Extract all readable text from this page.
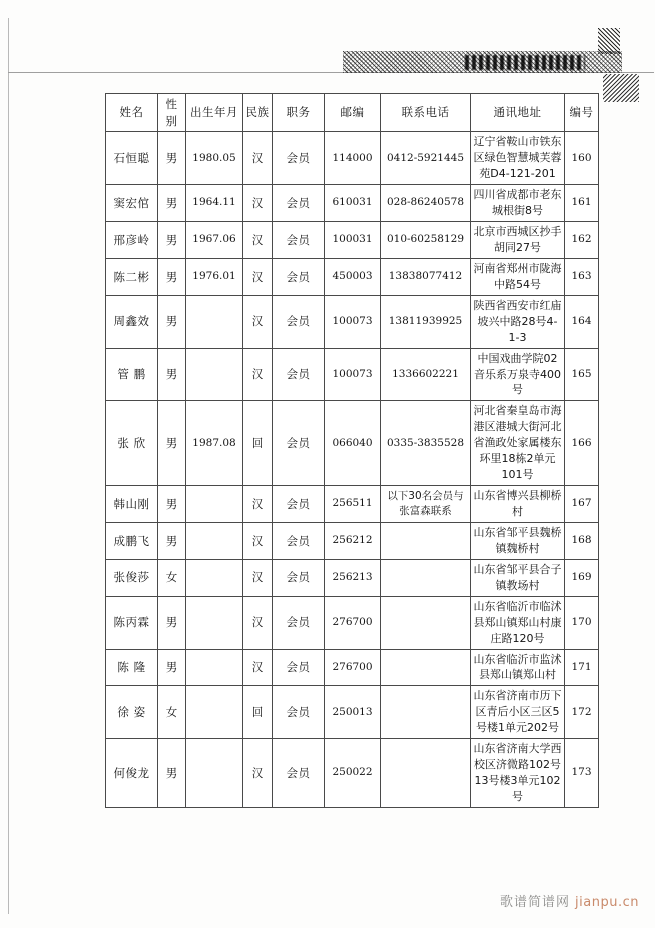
姓名	性别	出生年月	民族	职务	邮编	联系电话	通讯地址	编号
石恒聪	男	1980.05	汉	会员	114000	0412-5921445	辽宁省鞍山市铁东区绿色智慧城芙蓉苑D4-121-201	160
窦宏倌	男	1964.11	汉	会员	610031	028-86240578	四川省成都市老东城根街8号	161
邢彦岭	男	1967.06	汉	会员	100031	010-60258129	北京市西城区抄手胡同27号	162
陈二彬	男	1976.01	汉	会员	450003	13838077412	河南省郑州市陇海中路54号	163
周鑫效	男		汉	会员	100073	13811939925	陕西省西安市红庙坡兴中路28号4-1-3	164
管 鹏	男		汉	会员	100073	1336602221	中国戏曲学院02音乐系万泉寺400号	165
张 欣	男	1987.08	回	会员	066040	0335-3835528	河北省秦皇岛市海港区港城大街河北省渔政处家属楼东环里18栋2单元101号	166
韩山刚	男		汉	会员	256511	以下30名会员与张富森联系	山东省博兴县柳桥村	167
成鹏飞	男		汉	会员	256212		山东省邹平县魏桥镇魏桥村	168
张俊莎	女		汉	会员	256213		山东省邹平县合子镇教场村	169
陈丙霖	男		汉	会员	276700		山东省临沂市临沭县郑山镇郑山村康庄路120号	170
陈 隆	男		汉	会员	276700		山东省临沂市监沭县郑山镇郑山村	171
徐 姿	女		回	会员	250013		山东省济南市历下区青后小区三区5号楼1单元202号	172
何俊龙	男		汉	会员	250022		山东省济南大学西校区济微路102号13号楼3单元102号	173
歌谱简谱网 jianpu.cn
